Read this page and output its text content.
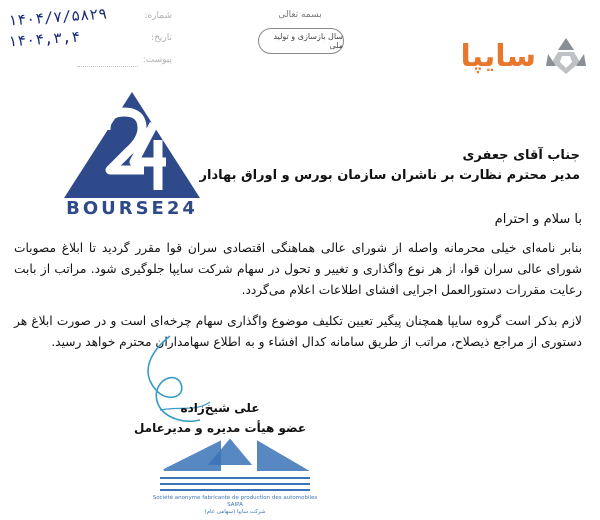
۱۴۰۴/۷/۵۸۲۹	شماره:
۱۴۰۴,۳,۴	تاریخ:
پیوست:
بسمه تعالی
سال بازسازی و تولید ملی	سایپا
BOURSE24
جناب آقای جعفری
مدیر محترم نظارت بر ناشران سازمان بورس و اوراق بهادار
با سلام و احترام

بنابر نامه‌ای خیلی محرمانه واصله از شورای عالی هماهنگی اقتصادی سران قوا مقرر گردید تا ابلاغ مصوبات شورای عالی سران قوا، از هر نوع واگذاری و تغییر و تحول در سهام شرکت سایپا جلوگیری شود. مراتب از بابت رعایت مقررات دستورالعمل اجرایی افشای اطلاعات اعلام می‌گردد.

لازم بذکر است گروه سایپا همچنان پیگیر تعیین تکلیف موضوع واگذاری سهام چرخه‌ای است و در صورت ابلاغ هر دستوری از مراجع ذیصلاح، مراتب از طریق سامانه کدال افشاء و به اطلاع سهامداران محترم خواهد رسید.

علی شیخ‌زاده
عضو هیأت مدیره و مدیرعامل
Société anonyme fabricante de production des automobiles SAIPA
شرکت سایپا (سهامی عام)
